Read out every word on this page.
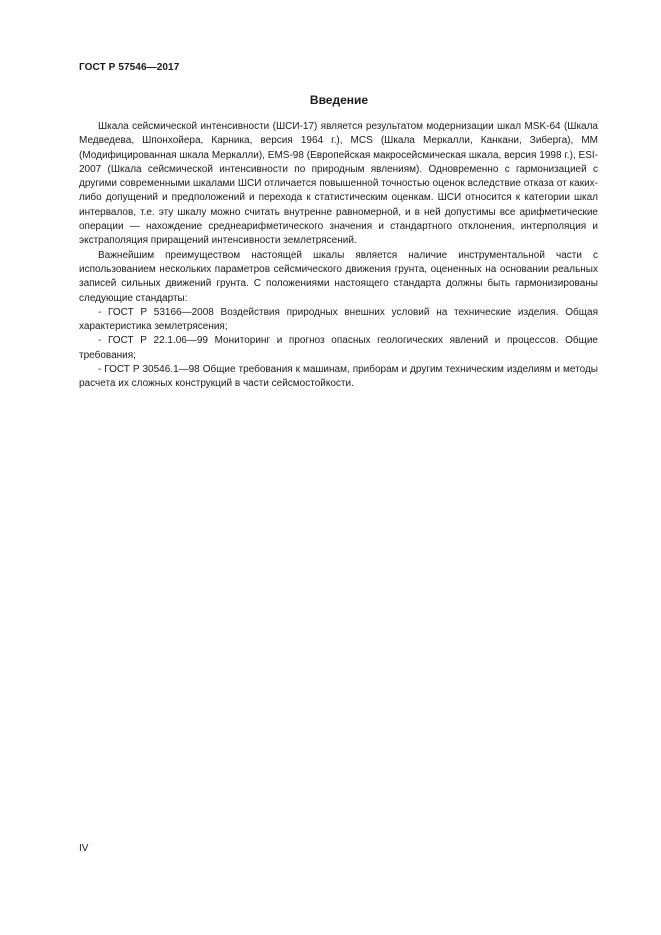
ГОСТ Р 57546—2017
Введение

Шкала сейсмической интенсивности (ШСИ-17) является результатом модернизации шкал MSK-64 (Шкала Медведева, Шпонхойера, Карника, версия 1964 г.), MCS (Шкала Меркалли, Канкани, Зиберга), ММ (Модифицированная шкала Меркалли), EMS-98 (Европейская макросейсмическая шкала, версия 1998 г.), ESI-2007 (Шкала сейсмической интенсивности по природным явлениям). Одновременно с гармонизацией с другими современными шкалами ШСИ отличается повышенной точностью оценок вследствие отказа от каких-либо допущений и предположений и перехода к статистическим оценкам. ШСИ относится к категории шкал интервалов, т.е. эту шкалу можно считать внутренне равномерной, и в ней допустимы все арифметические операции — нахождение среднеарифметического значения и стандартного отклонения, интерполяция и экстраполяция приращений интенсивности землетрясений.

Важнейшим преимуществом настоящей шкалы является наличие инструментальной части с использованием нескольких параметров сейсмического движения грунта, оцененных на основании реальных записей сильных движений грунта. С положениями настоящего стандарта должны быть гармонизированы следующие стандарты:

- ГОСТ Р 53166—2008 Воздействия природных внешних условий на технические изделия. Общая характеристика землетрясения;

- ГОСТ Р 22.1.06—99 Мониторинг и прогноз опасных геологических явлений и процессов. Общие требования;

- ГОСТ Р 30546.1—98 Общие требования к машинам, приборам и другим техническим изделиям и методы расчета их сложных конструкций в части сейсмостойкости.

IV
